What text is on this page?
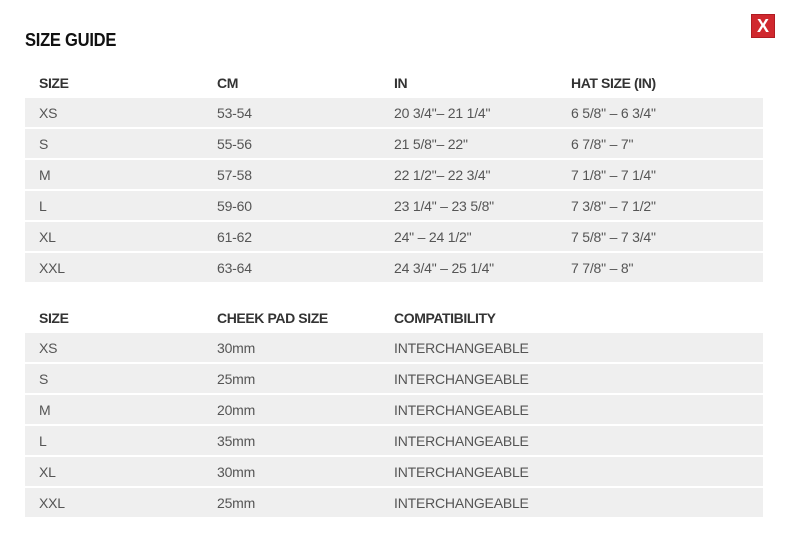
SIZE GUIDE
X
SIZE	CM	IN	HAT SIZE (IN)
XS	53-54	20 3/4"– 21 1/4"	6 5/8" – 6 3/4"
S	55-56	21 5/8"– 22"	6 7/8" – 7"
M	57-58	22 1/2"– 22 3/4"	7 1/8" – 7 1/4"
L	59-60	23 1/4" – 23 5/8"	7 3/8" – 7 1/2"
XL	61-62	24" – 24 1/2"	7 5/8" – 7 3/4"
XXL	63-64	24 3/4" – 25 1/4"	7 7/8" – 8"
SIZE	CHEEK PAD SIZE	COMPATIBILITY	
XS	30mm	INTERCHANGEABLE	
S	25mm	INTERCHANGEABLE	
M	20mm	INTERCHANGEABLE	
L	35mm	INTERCHANGEABLE	
XL	30mm	INTERCHANGEABLE	
XXL	25mm	INTERCHANGEABLE	
